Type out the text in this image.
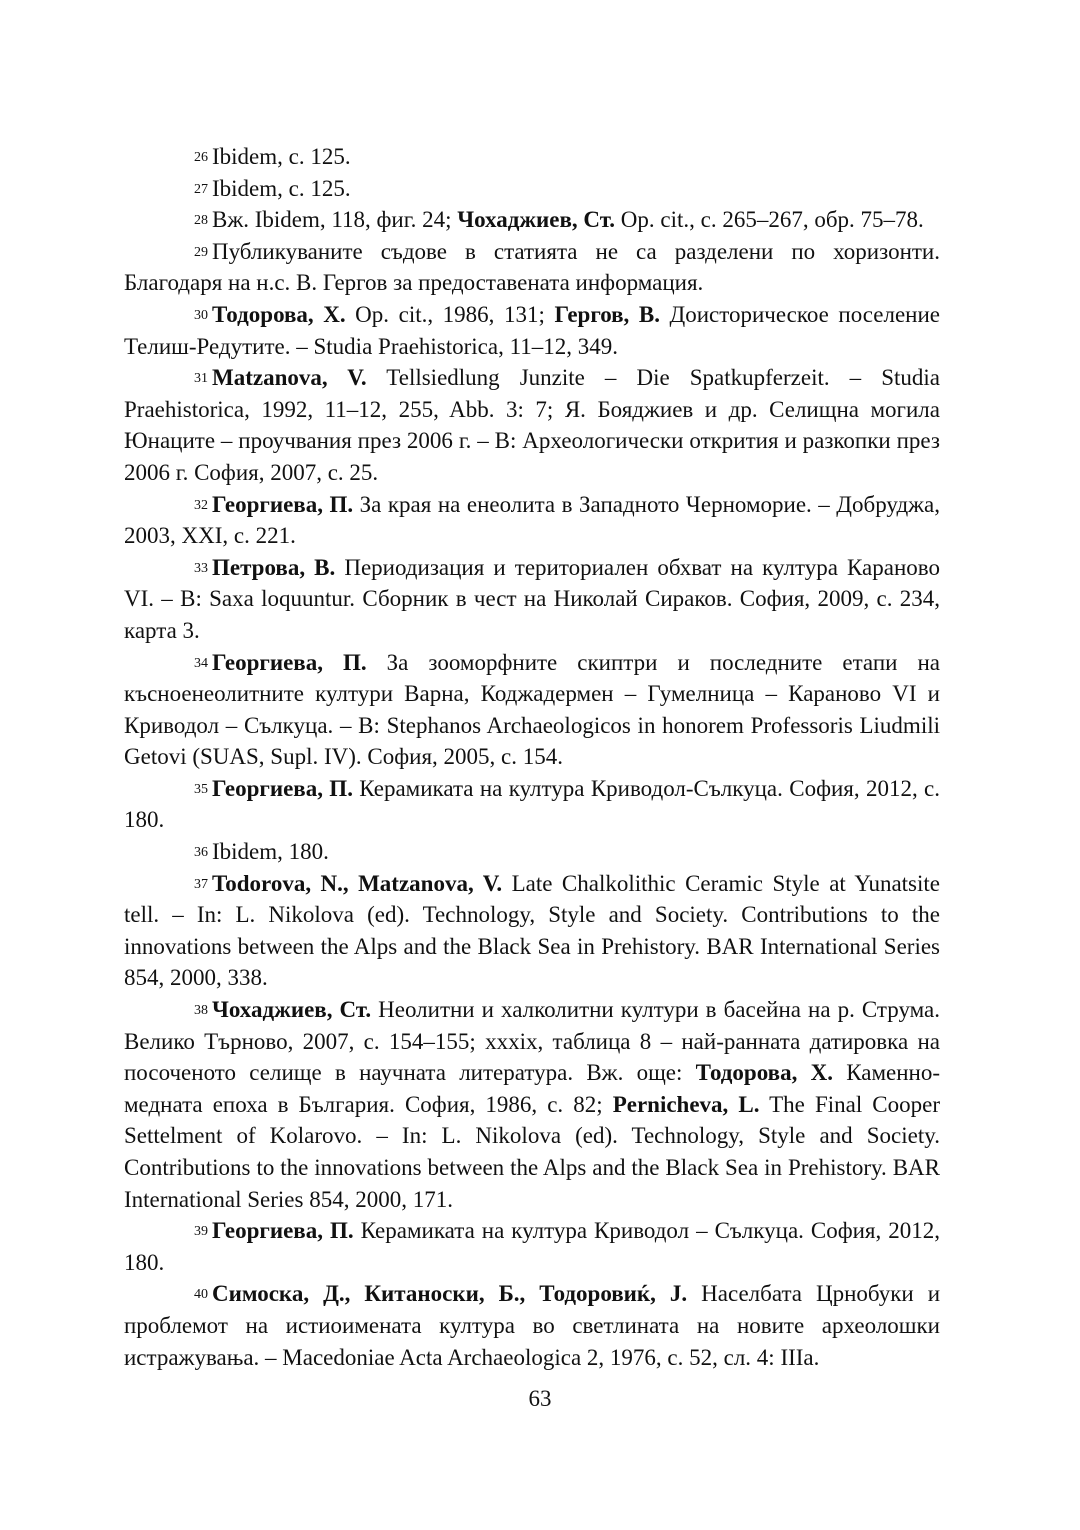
$^{26}$ Ibidem, с. 125.

$^{27}$ Ibidem, с. 125.

$^{28}$ Вж. Ibidem, 118, фиг. 24; Чохаджиев, Ст. Op. cit., с. 265–267, обр. 75–78.

$^{29}$ Публикуваните съдове в статията не са разделени по хоризонти. Благодаря на н.с. В. Гергов за предоставената информация.

$^{30}$ Тодорова, Х. Op. cit., 1986, 131; Гергов, В. Доисторическое поселение Телиш-Редутите. – Studia Praehistorica, 11–12, 349.

$^{31}$ Matzanova, V. Tellsiedlung Junzite – Die Spatkupferzeit. – Studia Praehistorica, 1992, 11–12, 255, Abb. 3: 7; Я. Бояджиев и др. Селищна могила Юнаците – проучвания през 2006 г. – В: Археологически открития и разкопки през 2006 г. София, 2007, с. 25.

$^{32}$ Георгиева, П. За края на енеолита в Западното Черноморие. – Добруджа, 2003, XXI, с. 221.

$^{33}$ Петрова, В. Периодизация и териториален обхват на култура Караново VI. – В: Saxa loquuntur. Сборник в чест на Николай Сираков. София, 2009, с. 234, карта 3.

$^{34}$ Георгиева, П. За зооморфните скиптри и последните етапи на късноенеолитните култури Варна, Коджадермен – Гумелница – Караново VI и Криводол – Сълкуца. – В: Stephanos Archaeologicos in honorem Professoris Liudmili Getovi (SUAS, Supl. IV). София, 2005, с. 154.

$^{35}$ Георгиева, П. Керамиката на култура Криводол-Сълкуца. София, 2012, с. 180.

$^{36}$ Ibidem, 180.

$^{37}$ Todorova, N., Matzanova, V. Late Chalkolithic Ceramic Style at Yunatsite tell. – In: L. Nikolova (ed). Technology, Style and Society. Contributions to the innovations between the Alps and the Black Sea in Prehistory. BAR International Series 854, 2000, 338.

$^{38}$ Чохаджиев, Ст. Неолитни и халколитни култури в басейна на р. Струма. Велико Търново, 2007, с. 154–155; xxxix, таблица 8 – най-ранната датировка на посоченото селище в научната литература. Вж. още: Тодорова, Х. Каменно-медната епоха в България. София, 1986, с. 82; Pernicheva, L. The Final Cooper Settelment of Kolarovo. – In: L. Nikolova (ed). Technology, Style and Society. Contributions to the innovations between the Alps and the Black Sea in Prehistory. BAR International Series 854, 2000, 171.

$^{39}$ Георгиева, П. Керамиката на култура Криводол – Сълкуца. София, 2012, 180.

$^{40}$ Симоска, Д., Китаноски, Б., Тодоровиќ, Ј. Населбата Црнобуки и проблемот на истиоимената култура во светлината на новите археолошки истражувања. – Macedoniae Acta Archaeologica 2, 1976, с. 52, сл. 4: IIIa.

63
